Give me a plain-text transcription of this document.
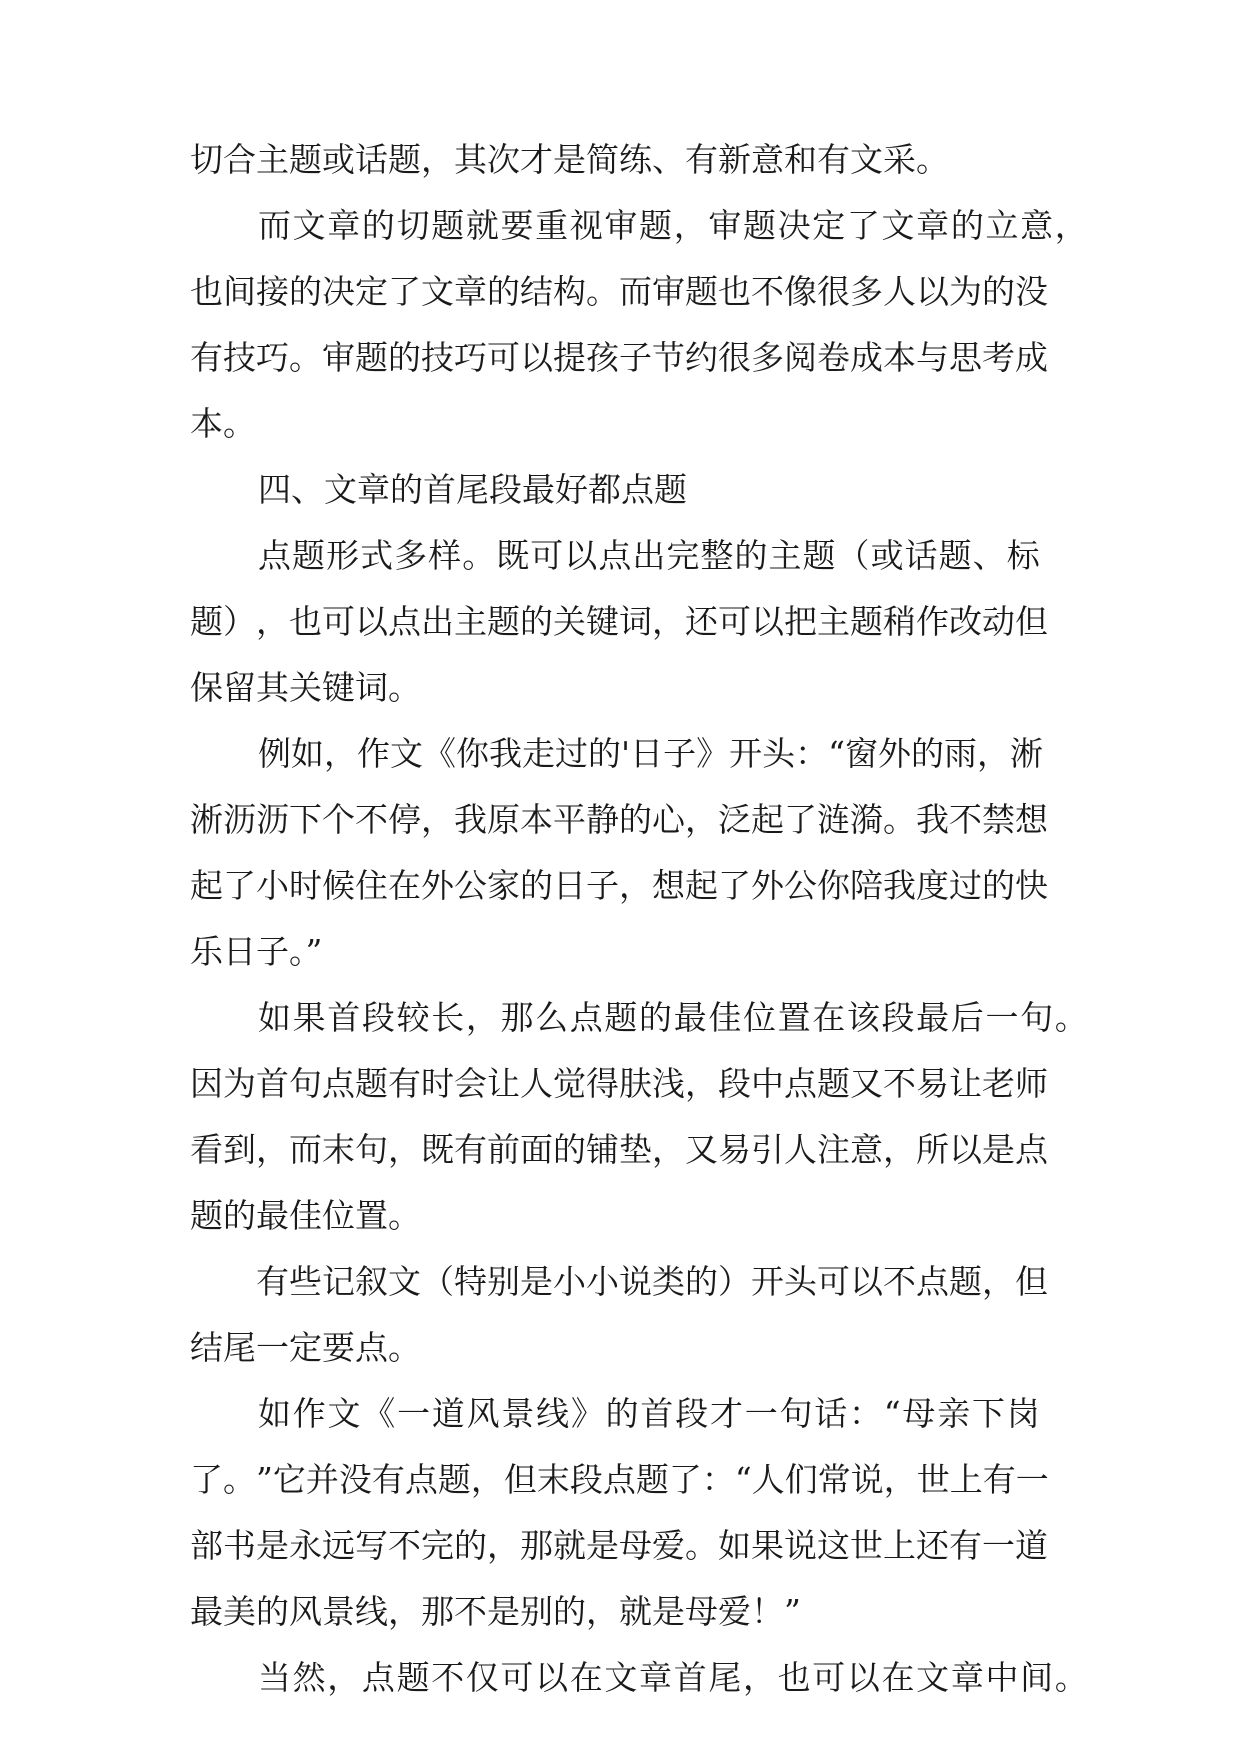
切合主题或话题，其次才是简练、有新意和有文采。
而 文 章 的 切 题 就 要 重 视 审 题 ， 审 题 决 定 了 文 章 的 立 意 ，
也 间 接 的 决 定 了 文 章 的 结 构 。 而 审 题 也 不 像 很 多 人 以 为 的 没
有 技 巧 。 审 题 的 技 巧 可 以 提 孩 子 节 约 很 多 阅 卷 成 本 与 思 考 成
本。
四、文章的首尾段最好都点题
点 题 形 式 多 样 。 既 可 以 点 出 完 整 的 主 题 （ 或 话 题 、 标
题 ） ， 也 可 以 点 出 主 题 的 关 键 词 ， 还 可 以 把 主 题 稍 作 改 动 但
保留其关键词。
例 如 ， 作 文 《 你 我 走 过 的 ' 日 子 》 开 头 ： “ 窗 外 的 雨 ， 淅
淅 沥 沥 下 个 不 停 ， 我 原 本 平 静 的 心 ， 泛 起 了 涟 漪 。 我 不 禁 想
起 了 小 时 候 住 在 外 公 家 的 日 子 ， 想 起 了 外 公 你 陪 我 度 过 的 快
乐日子。”
如 果 首 段 较 长 ， 那 么 点 题 的 最 佳 位 置 在 该 段 最 后 一 句 。
因 为 首 句 点 题 有 时 会 让 人 觉 得 肤 浅 ， 段 中 点 题 又 不 易 让 老 师
看 到 ， 而 末 句 ， 既 有 前 面 的 铺 垫 ， 又 易 引 人 注 意 ， 所 以 是 点
题的最佳位置。
有 些 记 叙 文 （ 特 别 是 小 小 说 类 的 ） 开 头 可 以 不 点 题 ， 但
结尾一定要点。
如 作 文 《 一 道 风 景 线 》 的 首 段 才 一 句 话 ： “ 母 亲 下 岗
了 。 ” 它 并 没 有 点 题 ， 但 末 段 点 题 了 ： “ 人 们 常 说 ， 世 上 有 一
部 书 是 永 远 写 不 完 的 ， 那 就 是 母 爱 。 如 果 说 这 世 上 还 有 一 道
最美的风景线，那不是别的，就是母爱！”
当 然 ， 点 题 不 仅 可 以 在 文 章 首 尾 ， 也 可 以 在 文 章 中 间 。
